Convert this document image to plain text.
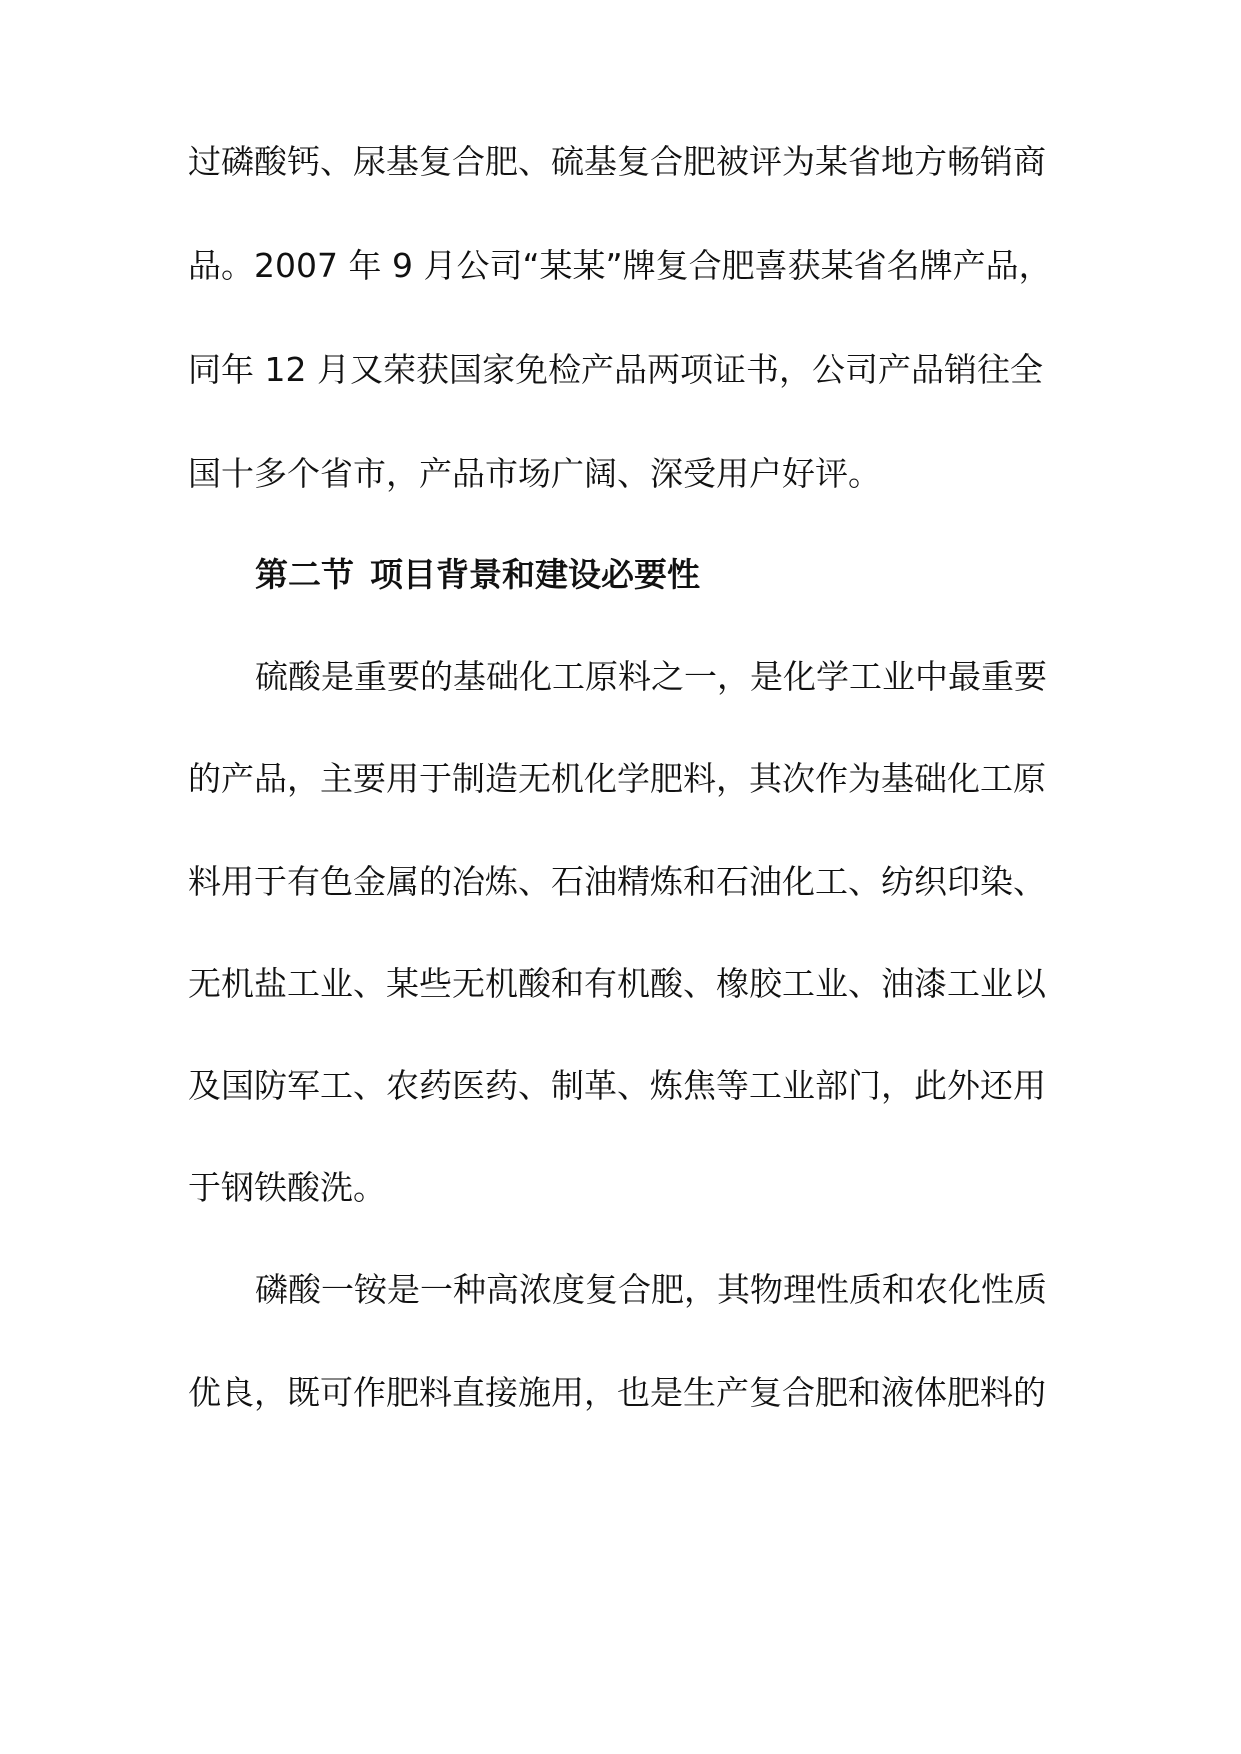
过磷酸钙、尿基复合肥、硫基复合肥被评为某省地方畅销商
品。2007 年 9 月公司“某某”牌复合肥喜获某省名牌产品，
同年 12 月又荣获国家免检产品两项证书，公司产品销往全
国十多个省市，产品市场广阔、深受用户好评。
第二节 项目背景和建设必要性
硫酸是重要的基础化工原料之一，是化学工业中最重要
的产品，主要用于制造无机化学肥料，其次作为基础化工原
料用于有色金属的冶炼、石油精炼和石油化工、纺织印染、
无机盐工业、某些无机酸和有机酸、橡胶工业、油漆工业以
及国防军工、农药医药、制革、炼焦等工业部门，此外还用
于钢铁酸洗。
磷酸一铵是一种高浓度复合肥，其物理性质和农化性质
优良，既可作肥料直接施用，也是生产复合肥和液体肥料的
